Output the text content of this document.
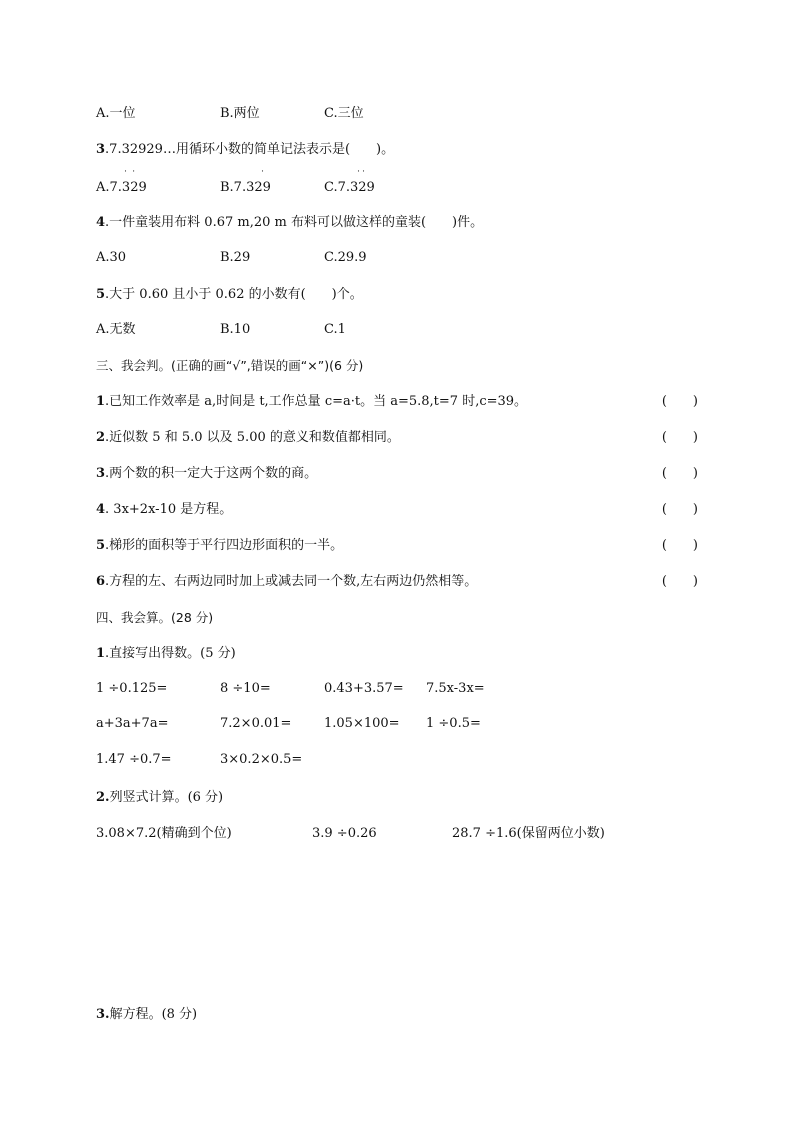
A.一位	B.两位	C.三位
3.7.32929…用循环小数的简单记法表示是(　　)。
˙ ˙	˙	˙˙
A.7.329	B.7.329	C.7.329
4.一件童装用布料 0.67 m,20 m 布料可以做这样的童装(　　)件。
A.30	B.29	C.29.9
5.大于 0.60 且小于 0.62 的小数有(　　)个。
A.无数	B.10	C.1
三、我会判。(正确的画“√”,错误的画“×”)(6 分)
1.已知工作效率是 a,时间是 t,工作总量 c=a·t。当 a=5.8,t=7 时,c=39。	(　　)
2.近似数 5 和 5.0 以及 5.00 的意义和数值都相同。	(　　)
3.两个数的积一定大于这两个数的商。	(　　)
4. 3x+2x-10 是方程。	(　　)
5.梯形的面积等于平行四边形面积的一半。	(　　)
6.方程的左、右两边同时加上或减去同一个数,左右两边仍然相等。	(　　)
四、我会算。(28 分)
1.直接写出得数。(5 分)
1 ÷0.125=	8 ÷10=	0.43+3.57= 7.5x-3x=
a+3a+7a=	7.2×0.01=	1.05×100= 1 ÷0.5=
1.47 ÷0.7=	3×0.2×0.5=
2.列竖式计算。(6 分)
3.08×7.2(精确到个位)	3.9 ÷0.26	28.7 ÷1.6(保留两位小数)
3.解方程。(8 分)
